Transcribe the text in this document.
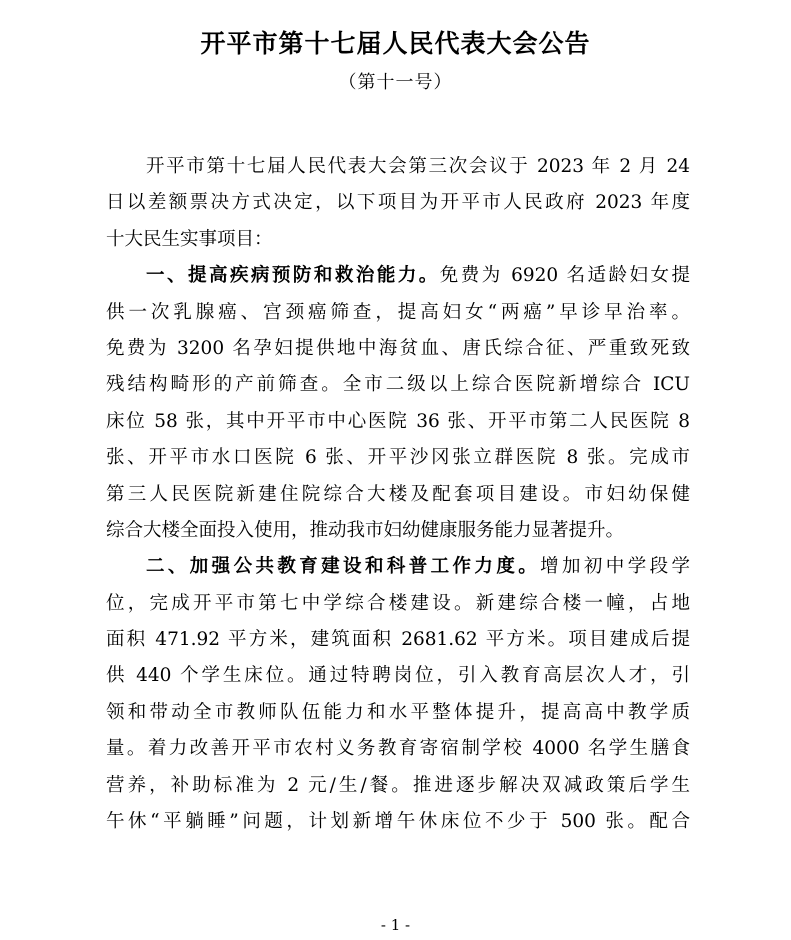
开平市第十七届人民代表大会公告
（第十一号）
开平市第十七届人民代表大会第三次会议于 2023 年 2 月 24
日以差额票决方式决定，以下项目为开平市人民政府 2023 年度
十大民生实事项目：
一、提高疾病预防和救治能力。免费为 6920 名适龄妇女提
供一次乳腺癌、宫颈癌筛查，提高妇女“两癌”早诊早治率。
免费为 3200 名孕妇提供地中海贫血、唐氏综合征、严重致死致
残结构畸形的产前筛查。全市二级以上综合医院新增综合 ICU
床位 58 张，其中开平市中心医院 36 张、开平市第二人民医院 8
张、开平市水口医院 6 张、开平沙冈张立群医院 8 张。完成市
第三人民医院新建住院综合大楼及配套项目建设。市妇幼保健
综合大楼全面投入使用，推动我市妇幼健康服务能力显著提升。
二、加强公共教育建设和科普工作力度。增加初中学段学
位，完成开平市第七中学综合楼建设。新建综合楼一幢，占地
面积 471.92 平方米，建筑面积 2681.62 平方米。项目建成后提
供 440 个学生床位。通过特聘岗位，引入教育高层次人才，引
领和带动全市教师队伍能力和水平整体提升，提高高中教学质
量。着力改善开平市农村义务教育寄宿制学校 4000 名学生膳食
营养，补助标准为 2 元/生/餐。推进逐步解决双减政策后学生
午休“平躺睡”问题，计划新增午休床位不少于 500 张。配合
- 1 -
